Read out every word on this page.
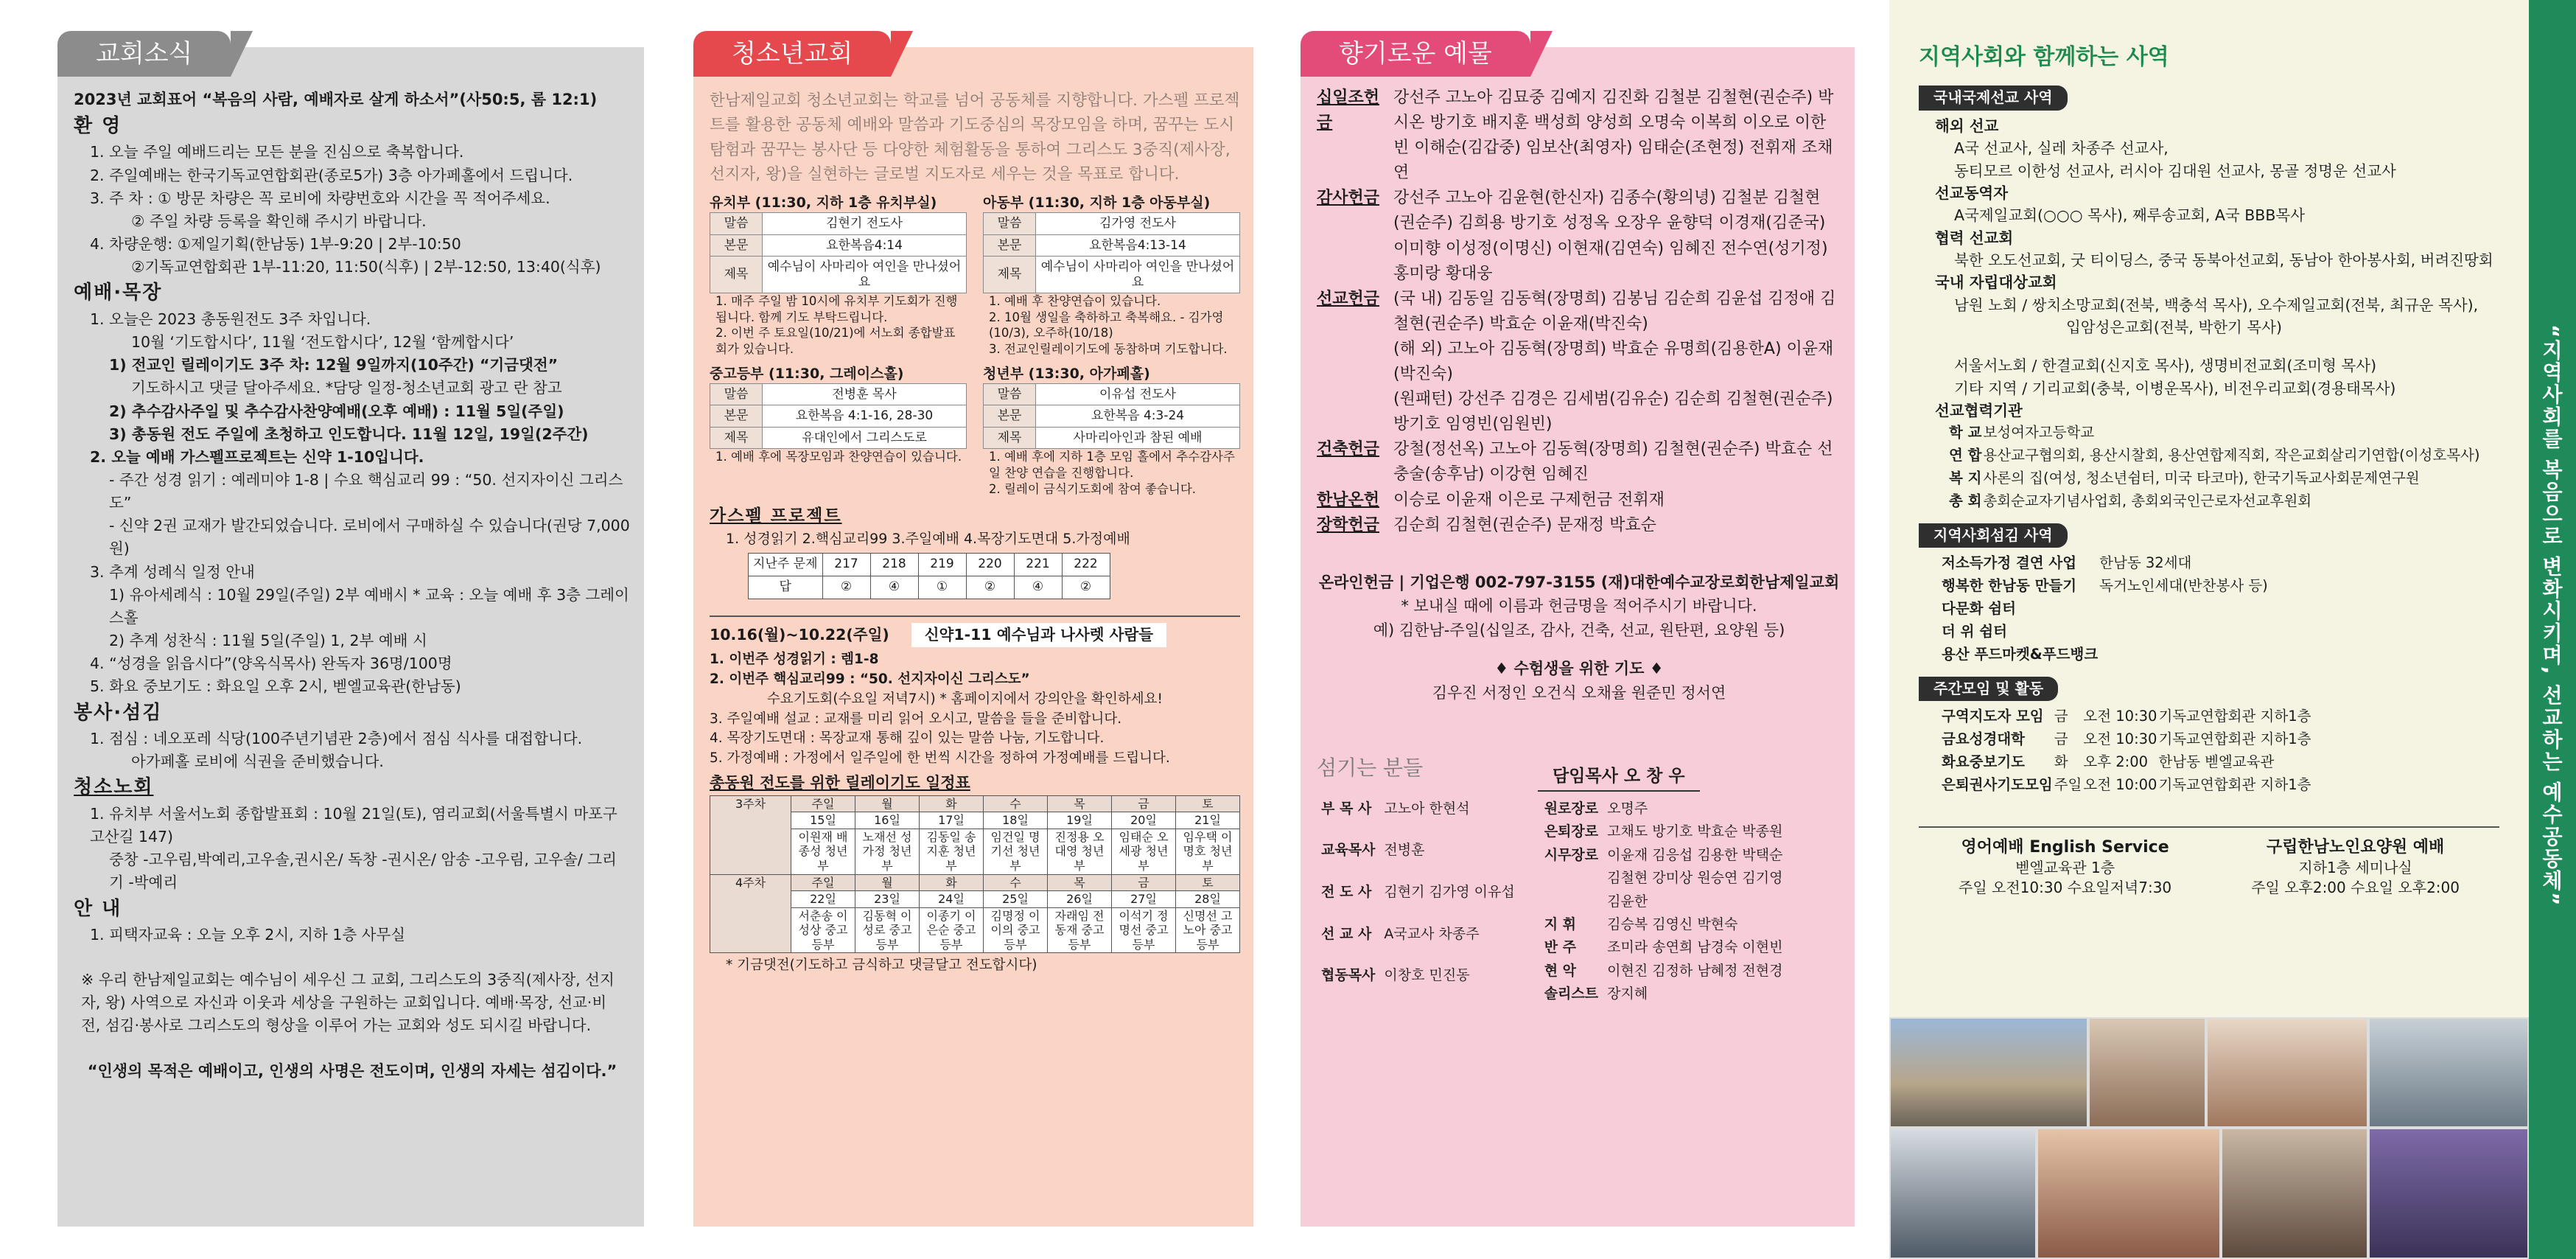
교회소식

2023년 교회표어 “복음의 사람, 예배자로 살게 하소서”(사50:5, 롬 12:1)

환 영

1. 오늘 주일 예배드리는 모든 분을 진심으로 축복합니다.

2. 주일예배는 한국기독교연합회관(종로5가) 3층 아가페홀에서 드립니다.

3. 주 차 : ① 방문 차량은 꼭 로비에 차량번호와 시간을 꼭 적어주세요.

② 주일 차량 등록을 확인해 주시기 바랍니다.

4. 차량운행: ①제일기획(한남동) 1부-9:20 | 2부-10:50

②기독교연합회관 1부-11:20, 11:50(식후) | 2부-12:50, 13:40(식후)

예배·목장

1. 오늘은 2023 총동원전도 3주 차입니다.

10월 ‘기도합시다’, 11월 ‘전도합시다’, 12월 ‘함께합시다’

1) 전교인 릴레이기도 3주 차: 12월 9일까지(10주간) “기금댓전”

기도하시고 댓글 달아주세요. *담당 일정-청소년교회 광고 란 참고

2) 추수감사주일 및 추수감사찬양예배(오후 예배) : 11월 5일(주일)

3) 총동원 전도 주일에 초청하고 인도합니다. 11월 12일, 19일(2주간)

2. 오늘 예배 가스펠프로젝트는 신약 1-10입니다.

- 주간 성경 읽기 : 예레미야 1-8 | 수요 핵심교리 99 : “50. 선지자이신 그리스도”

- 신약 2권 교재가 발간되었습니다. 로비에서 구매하실 수 있습니다(권당 7,000원)

3. 추계 성례식 일정 안내

1) 유아세례식 : 10월 29일(주일) 2부 예배시 * 교육 : 오늘 예배 후 3층 그레이스홀

2) 추계 성찬식 : 11월 5일(주일) 1, 2부 예배 시

4. “성경을 읽읍시다”(양옥식목사) 완독자 36명/100명

5. 화요 중보기도 : 화요일 오후 2시, 벧엘교육관(한남동)

봉사·섬김

1. 점심 : 네오포레 식당(100주년기념관 2층)에서 점심 식사를 대접합니다.

아가페홀 로비에 식권을 준비했습니다.

청소노회

1. 유치부 서울서노회 종합발표회 : 10월 21일(토), 염리교회(서울특별시 마포구 고산길 147)

중창 -고우림,박예리,고우솔,권시온/ 독창 -권시온/ 암송 -고우림, 고우솔/ 그리기 -박예리

안 내

1. 피택자교육 : 오늘 오후 2시, 지하 1층 사무실

※ 우리 한남제일교회는 예수님이 세우신 그 교회, 그리스도의 3중직(제사장, 선지자, 왕) 사역으로 자신과 이웃과 세상을 구원하는 교회입니다. 예배·목장, 선교·비전, 섬김·봉사로 그리스도의 형상을 이루어 가는 교회와 성도 되시길 바랍니다.

“인생의 목적은 예배이고, 인생의 사명은 전도이며, 인생의 자세는 섬김이다.”

청소년교회

한남제일교회 청소년교회는 학교를 넘어 공동체를 지향합니다. 가스펠 프로젝트를 활용한 공동체 예배와 말씀과 기도중심의 목장모임을 하며, 꿈꾸는 도시탐험과 꿈꾸는 봉사단 등 다양한 체험활동을 통하여 그리스도 3중직(제사장, 선지자, 왕)을 실현하는 글로벌 지도자로 세우는 것을 목표로 합니다.

유치부 (11:30, 지하 1층 유치부실)

말씀	김현기 전도사
본문	요한복음4:14
제목	예수님이 사마리아 여인을 만나셨어요

1. 매주 주일 밤 10시에 유치부 기도회가 진행됩니다. 함께 기도 부탁드립니다.

2. 이번 주 토요일(10/21)에 서노회 종합발표회가 있습니다.

아동부 (11:30, 지하 1층 아동부실)

말씀	김가영 전도사
본문	요한복음4:13-14
제목	예수님이 사마리아 여인을 만나셨어요

1. 예배 후 찬양연습이 있습니다.

2. 10월 생일을 축하하고 축복해요. - 김가영(10/3), 오주하(10/18)

3. 전교인릴레이기도에 동참하며 기도합니다.

중고등부 (11:30, 그레이스홀)

말씀	전병훈 목사
본문	요한복음 4:1-16, 28-30
제목	유대인에서 그리스도로

1. 예배 후에 목장모임과 찬양연습이 있습니다.

청년부 (13:30, 아가페홀)

말씀	이유섭 전도사
본문	요한복음 4:3-24
제목	사마리아인과 참된 예배

1. 예배 후에 지하 1층 모임 홀에서 추수감사주일 찬양 연습을 진행합니다.

2. 릴레이 금식기도회에 참여 좋습니다.

가스펠 프로젝트

1. 성경읽기 2.핵심교리99 3.주일예배 4.목장기도면대 5.가정예배

지난주 문제	217	218	219	220	221	222
답	②	④	①	②	④	②
10.16(월)~10.22(주일)	신약1-11 예수님과 나사렛 사람들

1. 이번주 성경읽기 : 렘1-8

2. 이번주 핵심교리99 : “50. 선지자이신 그리스도”

수요기도회(수요일 저녁7시) * 홈페이지에서 강의안을 확인하세요!

3. 주일예배 설교 : 교재를 미리 읽어 오시고, 말씀을 들을 준비합니다.

4. 목장기도면대 : 목장교재 통해 깊이 있는 말씀 나눔, 기도합니다.

5. 가정예배 : 가정에서 일주일에 한 번씩 시간을 정하여 가정예배를 드립니다.

총동원 전도를 위한 릴레이기도 일정표

3주차	주일	월	화	수	목	금	토
	15일	16일	17일	18일	19일	20일	21일
	이원재 배종성 청년부	노재선 성가정 청년부	김동일 송지훈 청년부	임건일 명기선 청년부	진정용 오대영 청년부	임태순 오세광 청년부	임우택 이명호 청년부
4주차	주일	월	화	수	목	금	토
	22일	23일	24일	25일	26일	27일	28일
	서춘송 이성상 중고등부	김동혁 이성로 중고등부	이종기 이은순 중고등부	김명정 이이의 중고등부	자래임 전동재 중고등부	이석기 정명선 중고등부	신명선 고노아 중고등부

* 기금댓전(기도하고 금식하고 댓글달고 전도합시다)

향기로운 예물
십일조헌금
강선주 고노아 김묘중 김예지 김진화 김철분 김철현(권순주) 박시온 방기호 배지훈 백성희 양성희 오명숙 이복희 이오로 이한빈 이해순(김갑중) 임보산(최영자) 임태순(조현정) 전휘재 조채연
감사헌금 강선주 고노아 김윤현(한신자) 김종수(황의녕) 김철분 김철현(권순주) 김희용 방기호 성정옥 오장우 윤향덕 이경재(김준국) 이미향 이성정(이명신) 이현재(김연숙) 임혜진 전수연(성기정) 홍미랑 황대웅
선교헌금 (국 내) 김동일 김동혁(장명희) 김봉님 김순희 김윤섭 김정애 김철현(권순주) 박효순 이윤재(박진숙)
(해 외) 고노아 김동혁(장명희) 박효순 유명희(김용한A) 이윤재(박진숙)
(원패턴) 강선주 김경은 김세범(김유순) 김순희 김철현(권순주) 방기호 임영빈(임원빈)
건축헌금 강철(정선옥) 고노아 김동혁(장명희) 김철현(권순주) 박효순 선충술(송후남) 이강현 임혜진
한남온헌 이승로 이윤재 이은로 구제헌금 전휘재
장학헌금 김순희 김철현(권순주) 문재정 박효순

온라인헌금 | 기업은행 002-797-3155 (재)대한예수교장로회한남제일교회

* 보내실 때에 이름과 헌금명을 적어주시기 바랍니다.

예) 김한남-주일(십일조, 감사, 건축, 선교, 원탄편, 요양원 등)

♦ 수험생을 위한 기도 ♦

김우진 서정인 오건식 오채율 원준민 정서연

섬기는 분들	담임목사 오 창 우
부 목 사	고노아 한현석
교육목사	전병훈
전 도 사	김현기 김가영 이유섭
선 교 사	A국교사 차종주
협동목사	이창호 민진동
원로장로	오명주
은퇴장로	고채도 방기호 박효순 박종원
시무장로	이윤재 김응섭 김용한 박택순
	김철현 강미상 원승연 김기영
	김윤한
지 휘	김승복 김영신 박현숙
반 주	조미라 송연희 남경숙 이현빈
현 악	이현진 김정하 남혜정 전현경
솔리스트	장지혜

지역사회와 함께하는 사역

국내국제선교 사역

해외 선교

A국 선교사, 실레 차종주 선교사,

동티모르 이한성 선교사, 러시아 김대원 선교사, 몽골 정명운 선교사

선교동역자

A국제일교회(○○○ 목사), 째루송교회, A국 BBB목사

협력 선교회

북한 오도선교회, 굿 티이딩스, 중국 동북아선교회, 동남아 한아봉사회, 버려진땅회

국내 자립대상교회

남원 노회 / 쌍치소망교회(전북, 백충석 목사), 오수제일교회(전북, 최규운 목사),

입암성은교회(전북, 박한기 목사)

서울서노회 / 한결교회(신지호 목사), 생명비전교회(조미형 목사)

기타 지역 / 기리교회(충북, 이병운목사), 비전우리교회(경용태목사)

선교협력기관

학 교	보성여자고등학교
연 합	용산교구협의회, 용산시찰회, 용산연합제직회, 작은교회살리기연합(이성호목사)
복 지	사론의 집(여성, 청소년쉼터, 미국 타코마), 한국기독교사회문제연구원
총 회	총회순교자기념사업회, 총회외국인근로자선교후원회
지역사회섬김 사역
저소득가정 결연 사업	한남동 32세대
행복한 한남동 만들기	독거노인세대(반찬봉사 등)
다문화 쉼터	
더 위 쉼터	
용산 푸드마켓&푸드뱅크	
주간모임 및 활동
구역지도자 모임	금	오전 10:30	기독교연합회관 지하1층
금요성경대학	금	오전 10:30	기독교연합회관 지하1층
화요중보기도	화	오후 2:00	한남동 벧엘교육관
은퇴권사기도모임	주일	오전 10:00	기독교연합회관 지하1층

영어예배 English Service

벧엘교육관 1층

주일 오전10:30 수요일저녁7:30

구립한남노인요양원 예배

지하1층 세미나실

주일 오후2:00 수요일 오후2:00	“지역사회를 복음으로 변화시키며, 선교하는 예수공동체”
